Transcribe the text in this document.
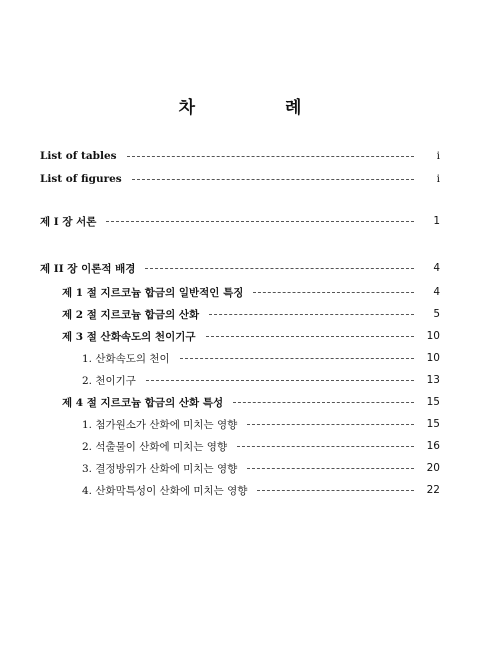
차 례
List of tables	i
List of figures	i
제 I 장 서론	1
제 II 장 이론적 배경	4
제 1 절 지르코늄 합금의 일반적인 특징	4
제 2 절 지르코늄 합금의 산화	5
제 3 절 산화속도의 천이기구	10
1. 산화속도의 천이	10
2. 천이기구	13
제 4 절 지르코늄 합금의 산화 특성	15
1. 첨가원소가 산화에 미치는 영향	15
2. 석출물이 산화에 미치는 영향	16
3. 결정방위가 산화에 미치는 영향	20
4. 산화막특성이 산화에 미치는 영향	22
